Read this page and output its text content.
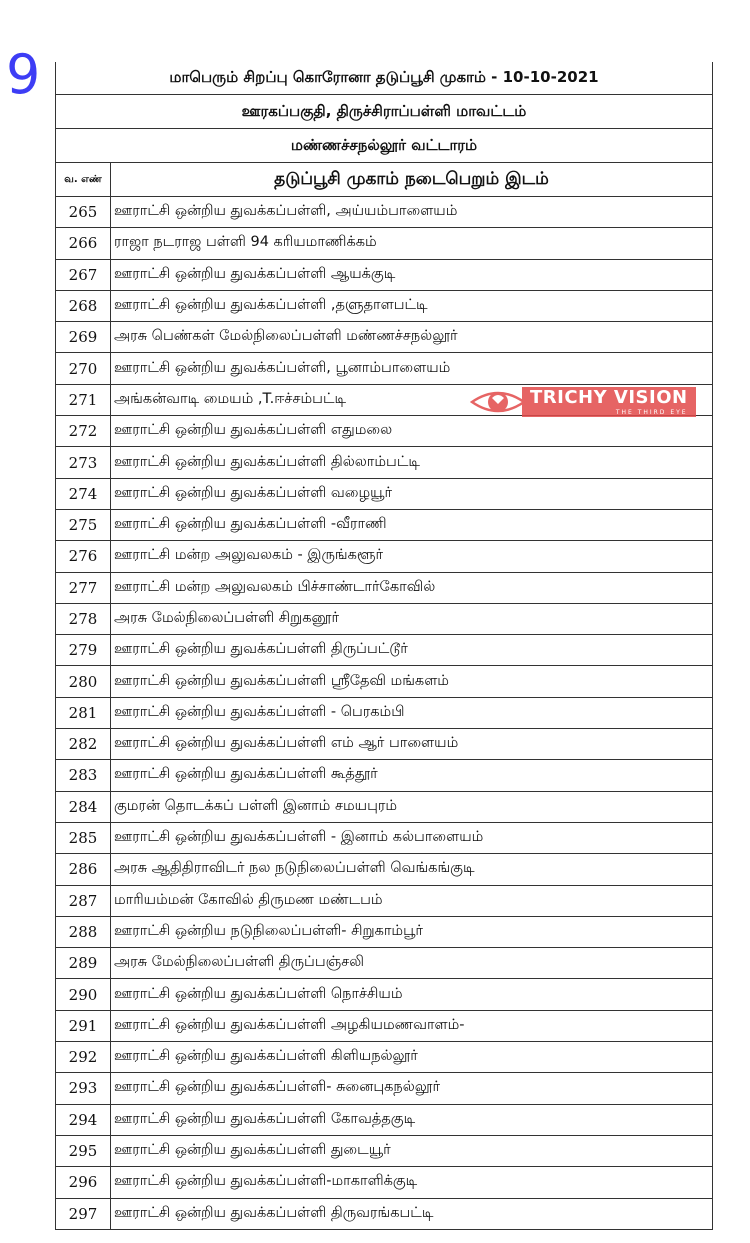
9	மாபெரும் சிறப்பு கொரோனா தடுப்பூசி முகாம் - 10-10-2021
ஊரகப்பகுதி, திருச்சிராப்பள்ளி மாவட்டம்
மண்ணச்சநல்லூர் வட்டாரம்
வ. எண்	தடுப்பூசி முகாம் நடைபெறும் இடம்
265	ஊராட்சி ஒன்றிய துவக்கப்பள்ளி, அய்யம்பாளையம்
266	ராஜா நடராஜ பள்ளி 94 கரியமாணிக்கம்
267	ஊராட்சி ஒன்றிய துவக்கப்பள்ளி ஆயக்குடி
268	ஊராட்சி ஒன்றிய துவக்கப்பள்ளி ,தளுதாளபட்டி
269	அரசு பெண்கள் மேல்நிலைப்பள்ளி மண்ணச்சநல்லூர்
270	ஊராட்சி ஒன்றிய துவக்கப்பள்ளி, பூனாம்பாளையம்
271	அங்கன்வாடி மையம் ,T.ஈச்சம்பட்டி
272	ஊராட்சி ஒன்றிய துவக்கப்பள்ளி எதுமலை
273	ஊராட்சி ஒன்றிய துவக்கப்பள்ளி தில்லாம்பட்டி
274	ஊராட்சி ஒன்றிய துவக்கப்பள்ளி வழையூர்
275	ஊராட்சி ஒன்றிய துவக்கப்பள்ளி -வீராணி
276	ஊராட்சி மன்ற அலுவலகம் - இருங்களூர்
277	ஊராட்சி மன்ற அலுவலகம் பிச்சாண்டார்கோவில்
278	அரசு மேல்நிலைப்பள்ளி சிறுகனூர்
279	ஊராட்சி ஒன்றிய துவக்கப்பள்ளி திருப்பட்டூர்
280	ஊராட்சி ஒன்றிய துவக்கப்பள்ளி ஸ்ரீதேவி மங்களம்
281	ஊராட்சி ஒன்றிய துவக்கப்பள்ளி - பெரகம்பி
282	ஊராட்சி ஒன்றிய துவக்கப்பள்ளி எம் ஆர் பாளையம்
283	ஊராட்சி ஒன்றிய துவக்கப்பள்ளி கூத்தூர்
284	குமரன் தொடக்கப் பள்ளி இனாம் சமயபுரம்
285	ஊராட்சி ஒன்றிய துவக்கப்பள்ளி - இனாம் கல்பாளையம்
286	அரசு ஆதிதிராவிடர் நல நடுநிலைப்பள்ளி வெங்கங்குடி
287	மாரியம்மன் கோவில் திருமண மண்டபம்
288	ஊராட்சி ஒன்றிய நடுநிலைப்பள்ளி- சிறுகாம்பூர்
289	அரசு மேல்நிலைப்பள்ளி திருப்பஞ்சலி
290	ஊராட்சி ஒன்றிய துவக்கப்பள்ளி நொச்சியம்
291	ஊராட்சி ஒன்றிய துவக்கப்பள்ளி அழகியமணவாளம்-
292	ஊராட்சி ஒன்றிய துவக்கப்பள்ளி கிளியநல்லூர்
293	ஊராட்சி ஒன்றிய துவக்கப்பள்ளி- சுனைபுகநல்லூர்
294	ஊராட்சி ஒன்றிய துவக்கப்பள்ளி கோவத்தகுடி
295	ஊராட்சி ஒன்றிய துவக்கப்பள்ளி துடையூர்
296	ஊராட்சி ஒன்றிய துவக்கப்பள்ளி-மாகாளிக்குடி
297	ஊராட்சி ஒன்றிய துவக்கப்பள்ளி திருவரங்கபட்டி
TRICHY VISION
THE THIRD EYE
